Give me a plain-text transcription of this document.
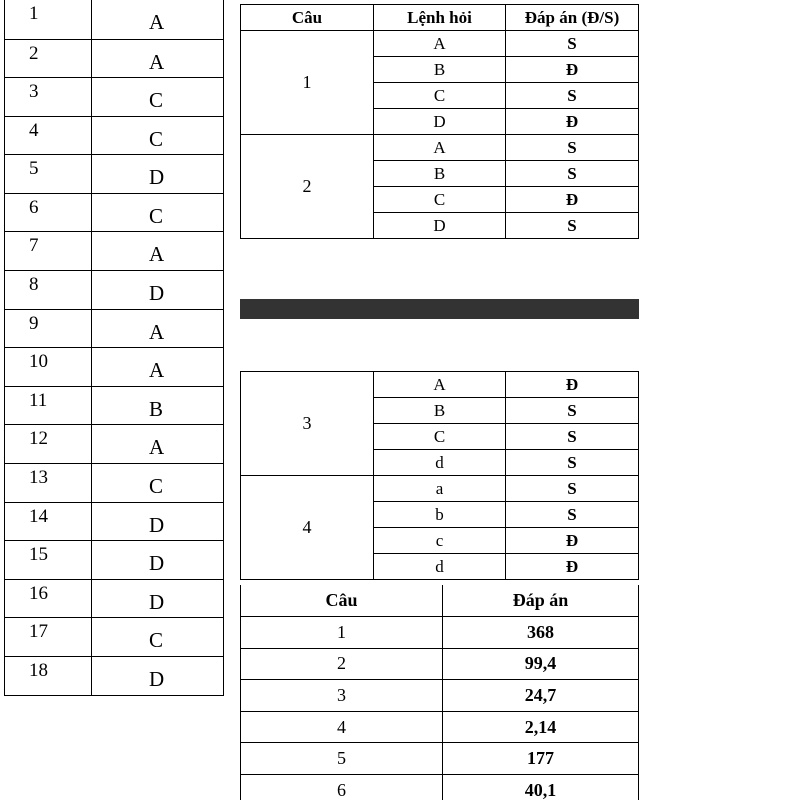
1	A
2	A
3	C
4	C
5	D
6	C
7	A
8	D
9	A
10	A
11	B
12	A
13	C
14	D
15	D
16	D
17	C
18	D
Câu	Lệnh hỏi	Đáp án (Đ/S)
1	A	S
	B	Đ
	C	S
	D	Đ
2	A	S
	B	S
	C	Đ
	D	S
3	A	Đ
	B	S
	C	S
	d	S
4	a	S
	b	S
	c	Đ
	d	Đ
Câu	Đáp án
1	368
2	99,4
3	24,7
4	2,14
5	177
6	40,1
